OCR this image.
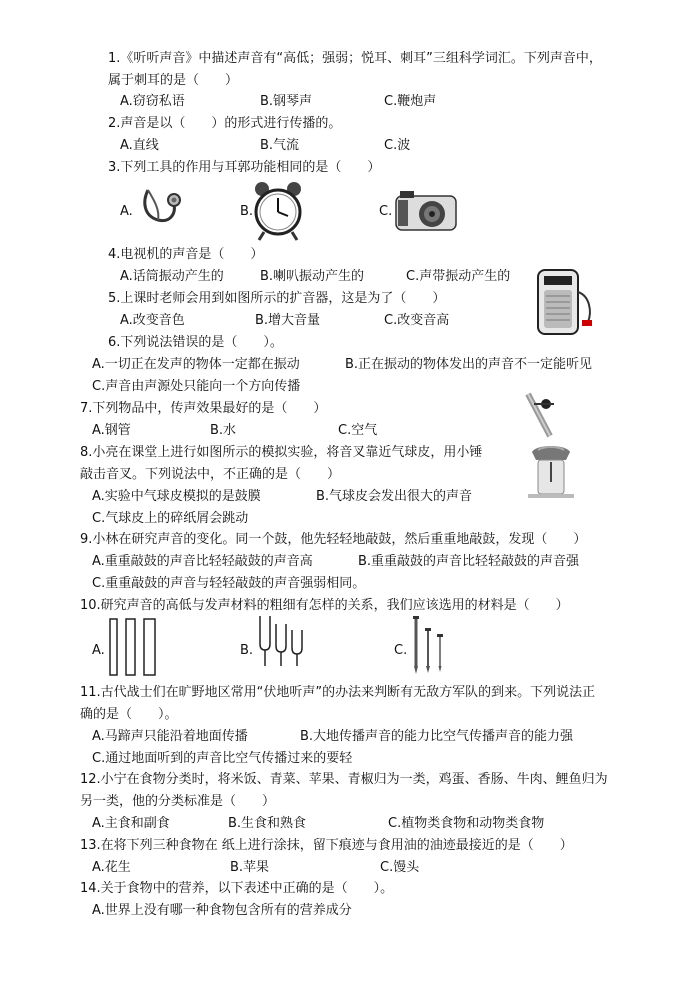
1.《听听声音》中描述声音有“高低；强弱；悦耳、刺耳”三组科学词汇。下列声音中，
属于刺耳的是（　　）
A.窃窃私语	B.钢琴声	C.鞭炮声
2.声音是以（　　）的形式进行传播的。
A.直线	B.气流	C.波
3.下列工具的作用与耳郭功能相同的是（　　）
A.	B.	C.
4.电视机的声音是（　　）
A.话筒振动产生的	B.喇叭振动产生的	C.声带振动产生的
5.上课时老师会用到如图所示的扩音器，这是为了（　　）
A.改变音色	B.增大音量	C.改变音高
6.下列说法错误的是（　　）。
A.一切正在发声的物体一定都在振动	B.正在振动的物体发出的声音不一定能听见
C.声音由声源处只能向一个方向传播
7.下列物品中，传声效果最好的是（　　）
A.钢管	B.水	C.空气
8.小亮在课堂上进行如图所示的模拟实验，将音叉靠近气球皮，用小锤
敲击音叉。下列说法中，不正确的是（　　）
A.实验中气球皮模拟的是鼓膜	B.气球皮会发出很大的声音
C.气球皮上的碎纸屑会跳动
9.小林在研究声音的变化。同一个鼓，他先轻轻地敲鼓，然后重重地敲鼓，发现（　　）
A.重重敲鼓的声音比轻轻敲鼓的声音高	B.重重敲鼓的声音比轻轻敲鼓的声音强
C.重重敲鼓的声音与轻轻敲鼓的声音强弱相同。
10.研究声音的高低与发声材料的粗细有怎样的关系，我们应该选用的材料是（　　）
A.	B.	C.
11.古代战士们在旷野地区常用“伏地听声”的办法来判断有无敌方军队的到来。下列说法正
确的是（　　）。
A.马蹄声只能沿着地面传播	B.大地传播声音的能力比空气传播声音的能力强
C.通过地面听到的声音比空气传播过来的要轻
12.小宁在食物分类时，将米饭、青菜、苹果、青椒归为一类，鸡蛋、香肠、牛肉、鲤鱼归为
另一类，他的分类标准是（　　）
A.主食和副食	B.生食和熟食	C.植物类食物和动物类食物
13.在将下列三种食物在 纸上进行涂抹，留下痕迹与食用油的油迹最接近的是（　　）
A.花生	B.苹果	C.馒头
14.关于食物中的营养，以下表述中正确的是（　　）。
A.世界上没有哪一种食物包含所有的营养成分
